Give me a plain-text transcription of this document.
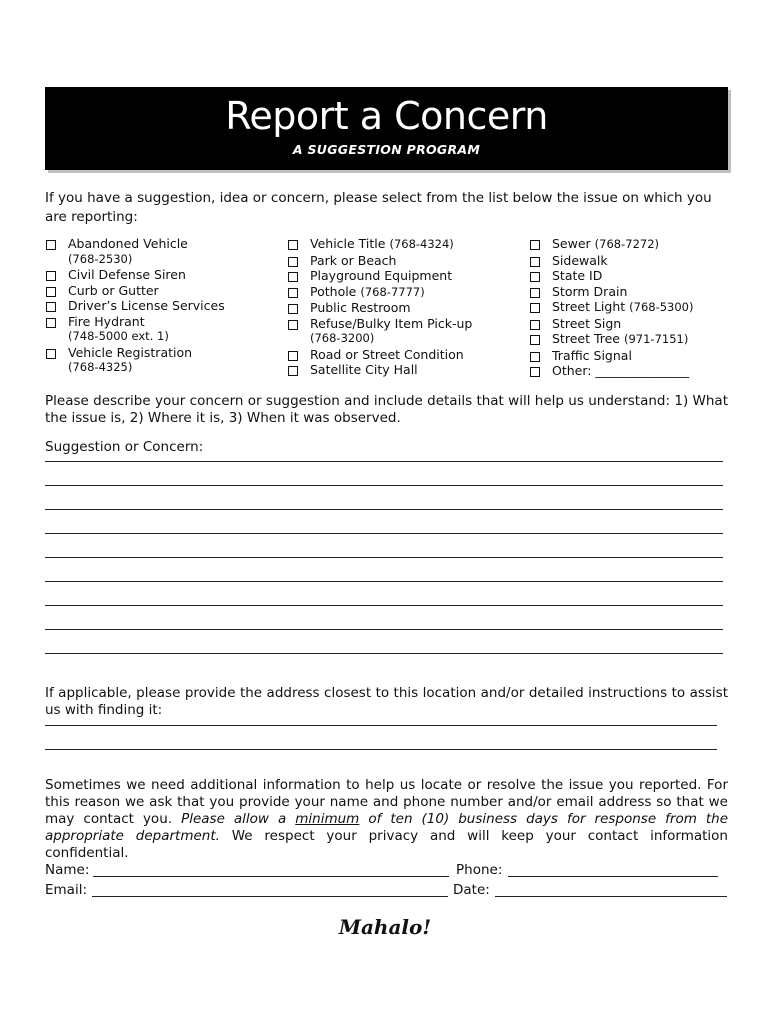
Report a Concern
A SUGGESTION PROGRAM
If you have a suggestion, idea or concern, please select from the list below the issue on which you are reporting:
Abandoned Vehicle
(768-2530)
Civil Defense Siren
Curb or Gutter
Driver’s License Services
Fire Hydrant
(748-5000 ext. 1)
Vehicle Registration
(768-4325)
Vehicle Title (768-4324)
Park or Beach
Playground Equipment
Pothole (768-7777)
Public Restroom
Refuse/Bulky Item Pick-up
(768-3200)
Road or Street Condition
Satellite City Hall
Sewer (768-7272)
Sidewalk
State ID
Storm Drain
Street Light (768-5300)
Street Sign
Street Tree (971-7151)
Traffic Signal
Other: _______________
Please describe your concern or suggestion and include details that will help us understand: 1) What the issue is, 2) Where it is, 3) When it was observed.
Suggestion or Concern:
If applicable, please provide the address closest to this location and/or detailed instructions to assist us with finding it:
Sometimes we need additional information to help us locate or resolve the issue you reported. For this reason we ask that you provide your name and phone number and/or email address so that we may contact you. Please allow a minimum of ten (10) business days for response from the appropriate department. We respect your privacy and will keep your contact information confidential.
Name:	Phone:
Email:	Date:
Mahalo!
